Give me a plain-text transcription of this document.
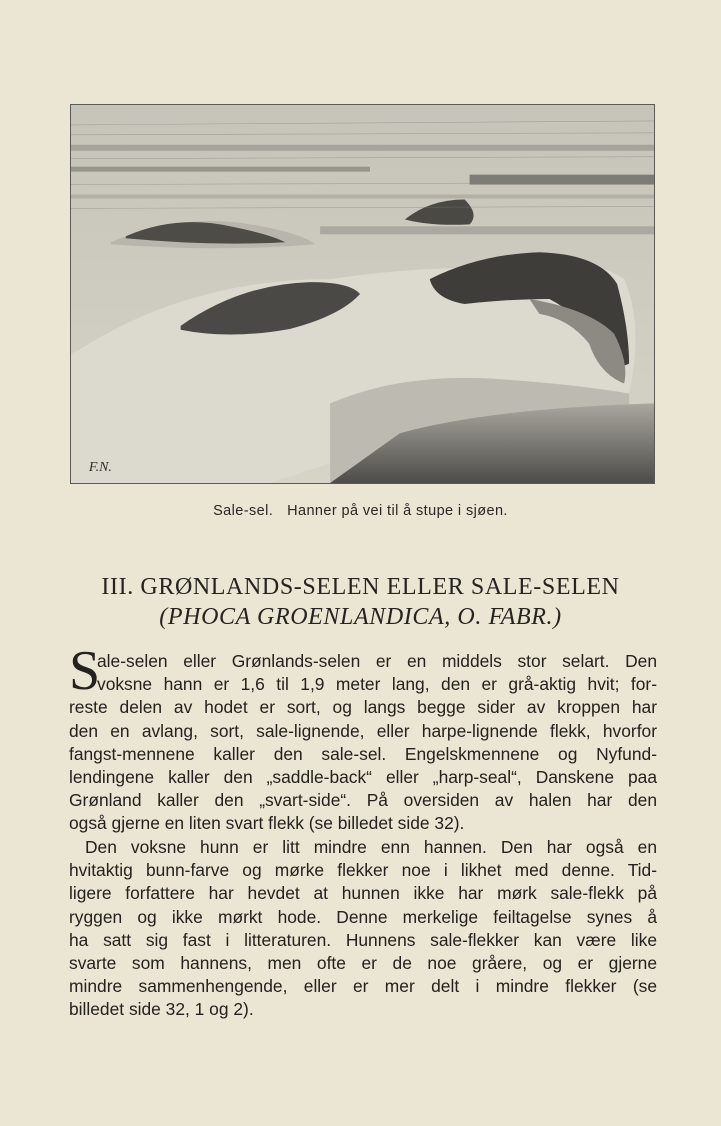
F.N.
Sale-sel. Hanner på vei til å stupe i sjøen.
III. GRØNLANDS-SELEN ELLER SALE-SELEN
(PHOCA GROENLANDICA, O. FABR.)
S
ale-selen eller Grønlands-selen er en middels stor selart. Den
voksne hann er 1,6 til 1,9 meter lang, den er grå-aktig hvit; for-
reste delen av hodet er sort, og langs begge sider av kroppen har
den en avlang, sort, sale-lignende, eller harpe-lignende flekk, hvorfor
fangst-mennene kaller den sale-sel. Engelskmennene og Nyfund-
lendingene kaller den „saddle-back“ eller „harp-seal“, Danskene paa
Grønland kaller den „svart-side“. På oversiden av halen har den
også gjerne en liten svart flekk (se billedet side 32).
Den voksne hunn er litt mindre enn hannen. Den har også en
hvitaktig bunn-farve og mørke flekker noe i likhet med denne. Tid-
ligere forfattere har hevdet at hunnen ikke har mørk sale-flekk på
ryggen og ikke mørkt hode. Denne merkelige feiltagelse synes å
ha satt sig fast i litteraturen. Hunnens sale-flekker kan være like
svarte som hannens, men ofte er de noe gråere, og er gjerne
mindre sammenhengende, eller er mer delt i mindre flekker (se
billedet side 32, 1 og 2).
